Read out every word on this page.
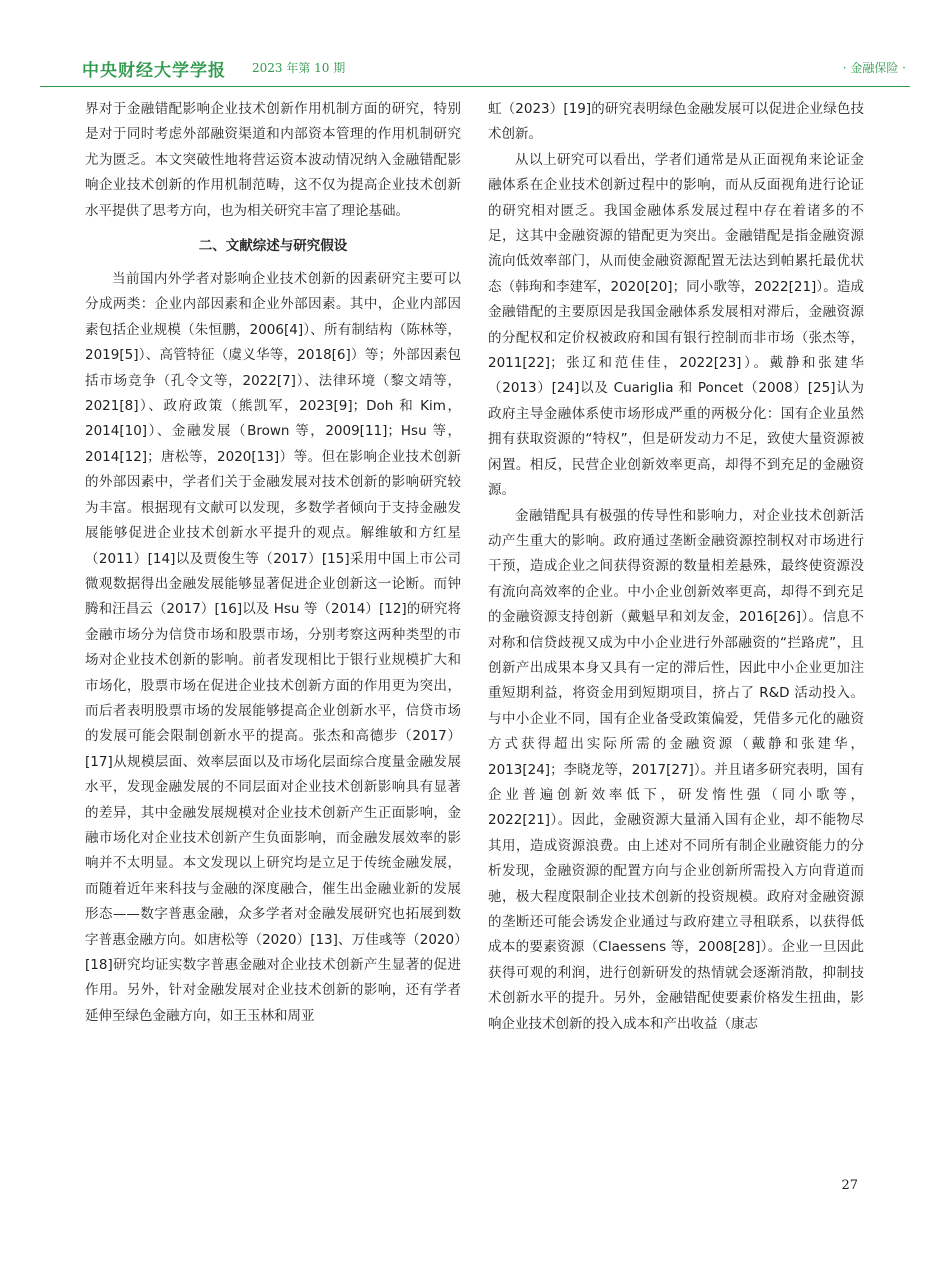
中央财经大学学报 2023 年第 10 期	· 金融保险 ·

界对于金融错配影响企业技术创新作用机制方面的研究，特别是对于同时考虑外部融资渠道和内部资本管理的作用机制研究尤为匮乏。本文突破性地将营运资本波动情况纳入金融错配影响企业技术创新的作用机制范畴，这不仅为提高企业技术创新水平提供了思考方向，也为相关研究丰富了理论基础。

二、文献综述与研究假设

当前国内外学者对影响企业技术创新的因素研究主要可以分成两类：企业内部因素和企业外部因素。其中，企业内部因素包括企业规模（朱恒鹏，2006[4]）、所有制结构（陈林等，2019[5]）、高管特征（虞义华等，2018[6]）等；外部因素包括市场竞争（孔令文等，2022[7]）、法律环境（黎文靖等，2021[8]）、政府政策（熊凯军，2023[9]；Doh 和 Kim，2014[10]）、金融发展（Brown 等，2009[11]；Hsu 等，2014[12]；唐松等，2020[13]）等。但在影响企业技术创新的外部因素中，学者们关于金融发展对技术创新的影响研究较为丰富。根据现有文献可以发现，多数学者倾向于支持金融发展能够促进企业技术创新水平提升的观点。解维敏和方红星（2011）[14]以及贾俊生等（2017）[15]采用中国上市公司微观数据得出金融发展能够显著促进企业创新这一论断。而钟腾和汪昌云（2017）[16]以及 Hsu 等（2014）[12]的研究将金融市场分为信贷市场和股票市场，分别考察这两种类型的市场对企业技术创新的影响。前者发现相比于银行业规模扩大和市场化，股票市场在促进企业技术创新方面的作用更为突出，而后者表明股票市场的发展能够提高企业创新水平，信贷市场的发展可能会限制创新水平的提高。张杰和高德步（2017）[17]从规模层面、效率层面以及市场化层面综合度量金融发展水平，发现金融发展的不同层面对企业技术创新影响具有显著的差异，其中金融发展规模对企业技术创新产生正面影响，金融市场化对企业技术创新产生负面影响，而金融发展效率的影响并不太明显。本文发现以上研究均是立足于传统金融发展，而随着近年来科技与金融的深度融合，催生出金融业新的发展形态——数字普惠金融，众多学者对金融发展研究也拓展到数字普惠金融方向。如唐松等（2020）[13]、万佳彧等（2020）[18]研究均证实数字普惠金融对企业技术创新产生显著的促进作用。另外，针对金融发展对企业技术创新的影响，还有学者延伸至绿色金融方向，如王玉林和周亚

虹（2023）[19]的研究表明绿色金融发展可以促进企业绿色技术创新。

从以上研究可以看出，学者们通常是从正面视角来论证金融体系在企业技术创新过程中的影响，而从反面视角进行论证的研究相对匮乏。我国金融体系发展过程中存在着诸多的不足，这其中金融资源的错配更为突出。金融错配是指金融资源流向低效率部门，从而使金融资源配置无法达到帕累托最优状态（韩珣和李建军，2020[20]；同小歌等，2022[21]）。造成金融错配的主要原因是我国金融体系发展相对滞后，金融资源的分配权和定价权被政府和国有银行控制而非市场（张杰等，2011[22]；张辽和范佳佳，2022[23]）。戴静和张建华（2013）[24]以及 Cuariglia 和 Poncet（2008）[25]认为政府主导金融体系使市场形成严重的两极分化：国有企业虽然拥有获取资源的“特权”，但是研发动力不足，致使大量资源被闲置。相反，民营企业创新效率更高，却得不到充足的金融资源。

金融错配具有极强的传导性和影响力，对企业技术创新活动产生重大的影响。政府通过垄断金融资源控制权对市场进行干预，造成企业之间获得资源的数量相差悬殊，最终使资源没有流向高效率的企业。中小企业创新效率更高，却得不到充足的金融资源支持创新（戴魁早和刘友金，2016[26]）。信息不对称和信贷歧视又成为中小企业进行外部融资的“拦路虎”，且创新产出成果本身又具有一定的滞后性，因此中小企业更加注重短期利益，将资金用到短期项目，挤占了 R&D 活动投入。与中小企业不同，国有企业备受政策偏爱，凭借多元化的融资方式获得超出实际所需的金融资源（戴静和张建华，2013[24]；李晓龙等，2017[27]）。并且诸多研究表明，国有企业普遍创新效率低下，研发惰性强（同小歌等，2022[21]）。因此，金融资源大量涌入国有企业，却不能物尽其用，造成资源浪费。由上述对不同所有制企业融资能力的分析发现，金融资源的配置方向与企业创新所需投入方向背道而驰，极大程度限制企业技术创新的投资规模。政府对金融资源的垄断还可能会诱发企业通过与政府建立寻租联系，以获得低成本的要素资源（Claessens 等，2008[28]）。企业一旦因此获得可观的利润，进行创新研发的热情就会逐渐消散，抑制技术创新水平的提升。另外，金融错配使要素价格发生扭曲，影响企业技术创新的投入成本和产出收益（康志

27
